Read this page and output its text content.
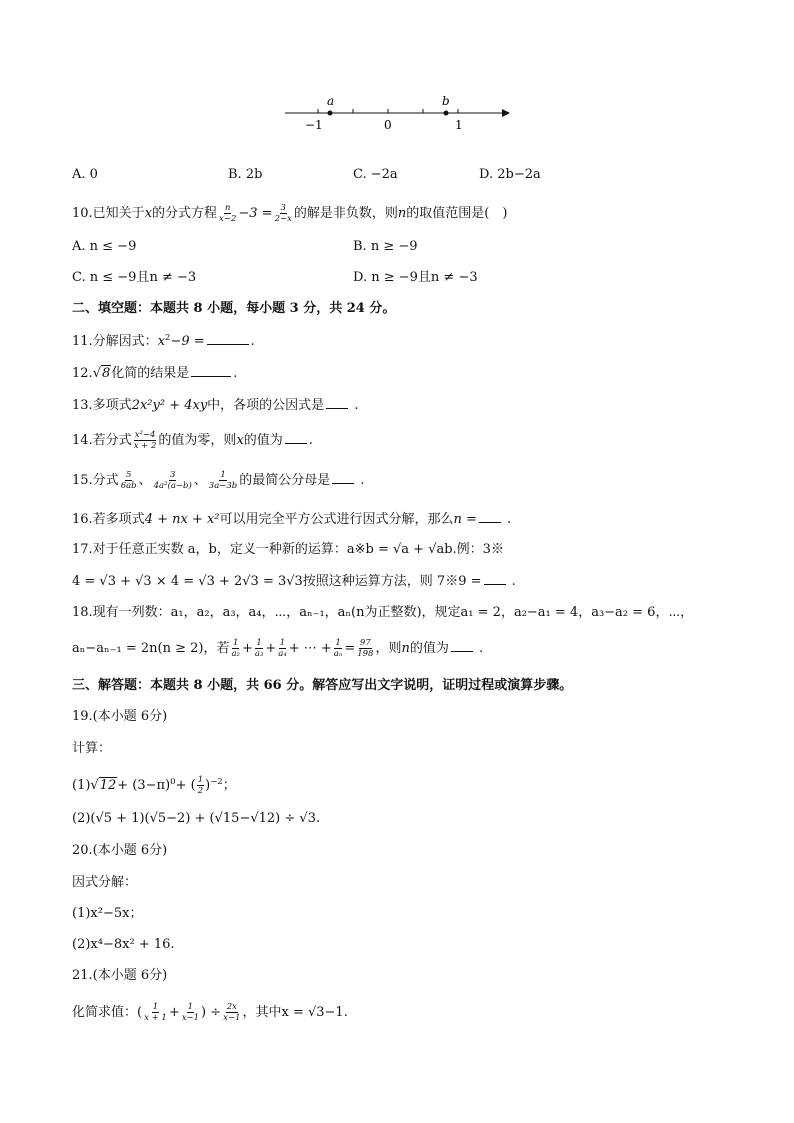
a	b
−1	0	1
A. 0	B. 2b	C. −2a	D. 2b−2a
10.已知关于x的分式方程 $\frac{n}{x-2} -3 = \frac{3}{2-x}$ 的解是非负数，则n的取值范围是(　)
A. n ≤ −9	B. n ≥ −9
C. n ≤ −9且n ≠ −3	D. n ≥ −9且n ≠ −3
二、填空题：本题共 8 小题，每小题 3 分，共 24 分。
11.分解因式：$x^2-9$ =	.
12.√8化简的结果是	.
13.多项式2x²y² + 4xy中，各项的公因式是 .
14.若分式 $\frac{\text{x²−4}}{x + 2}$ 的值为零，则x的值为 .
15.分式 $\frac{5}{6ab}$ 、 $\frac{3}{\text{4a²(a−b)}}$ 、 $\frac{1}{3a-3b}$ 的最简公分母是 .
16.若多项式4 + nx + x²可以用完全平方公式进行因式分解，那么n = .
17.对于任意正实数 a，b，定义一种新的运算：a※b = √a + √ab.例：3※
4 = √3 + √3 × 4 = √3 + 2√3 = 3√3按照这种运算方法，则 7※9 = .
18.现有一列数：a₁，a₂，a₃，a₄，⋯，aₙ₋₁，aₙ(n为正整数)，规定a₁ = 2，a₂−a₁ = 4，a₃−a₂ = 6，⋯，
aₙ−aₙ₋₁ = 2n(n ≥ 2)，若 $\frac{1}{\text{a₂}} + \frac{1}{\text{a₃}} + \frac{1}{\text{a₄}}$ + ⋯ + $\frac{1}{\text{aₙ}} = \frac{97}{198}$ ，则n的值为 .
三、解答题：本题共 8 小题，共 66 分。解答应写出文字说明，证明过程或演算步骤。
19.(本小题 6分)
计算：
$(1)√12+ (3-\pi)^0+$ ( $\frac{1}{2} )^{-2}$；
(2)(√5 + 1)(√5−2) + (√15−√12) ÷ √3.
20.(本小题 6分)
因式分解：
(1)x²−5x；
(2)x⁴−8x² + 16.
21.(本小题 6分)
化简求值：( $\frac{1}{x + 1} + \frac{1}{x-1}$ ) ÷ $\frac{2x}{x-1}$ ，其中x = √3−1.
